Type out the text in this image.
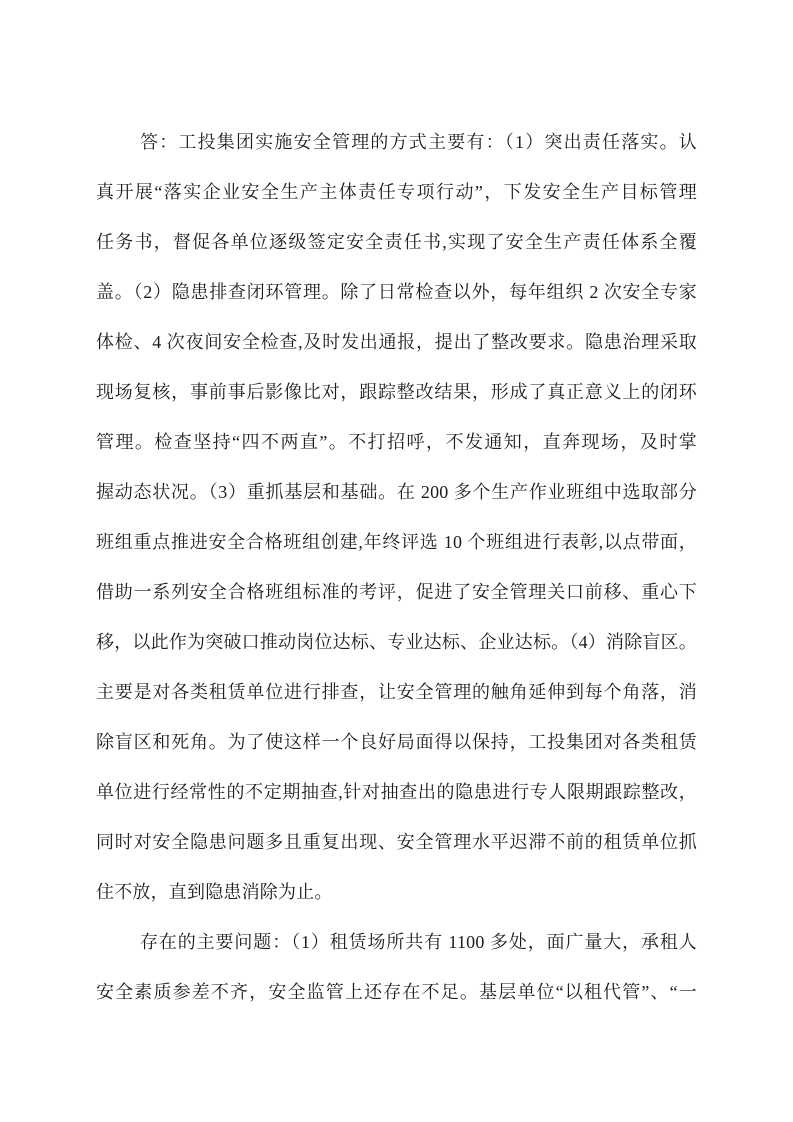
答：工投集团实施安全管理的方式主要有：（1）突出责任落实。认
真开展“落实企业安全生产主体责任专项行动”，下发安全生产目标管理
任务书，督促各单位逐级签定安全责任书,实现了安全生产责任体系全覆
盖。（2）隐患排查闭环管理。除了日常检查以外，每年组织 2 次安全专家
体检、4 次夜间安全检查,及时发出通报，提出了整改要求。隐患治理采取
现场复核，事前事后影像比对，跟踪整改结果，形成了真正意义上的闭环
管理。检查坚持“四不两直”。不打招呼，不发通知，直奔现场，及时掌
握动态状况。（3）重抓基层和基础。在 200 多个生产作业班组中选取部分
班组重点推进安全合格班组创建,年终评选 10 个班组进行表彰,以点带面，
借助一系列安全合格班组标准的考评，促进了安全管理关口前移、重心下
移，以此作为突破口推动岗位达标、专业达标、企业达标。（4）消除盲区。
主要是对各类租赁单位进行排查，让安全管理的触角延伸到每个角落，消
除盲区和死角。为了使这样一个良好局面得以保持，工投集团对各类租赁
单位进行经常性的不定期抽查,针对抽查出的隐患进行专人限期跟踪整改，
同时对安全隐患问题多且重复出现、安全管理水平迟滞不前的租赁单位抓
住不放，直到隐患消除为止。
存在的主要问题：（1）租赁场所共有 1100 多处，面广量大，承租人
安全素质参差不齐，安全监管上还存在不足。基层单位“以租代管”、“一
